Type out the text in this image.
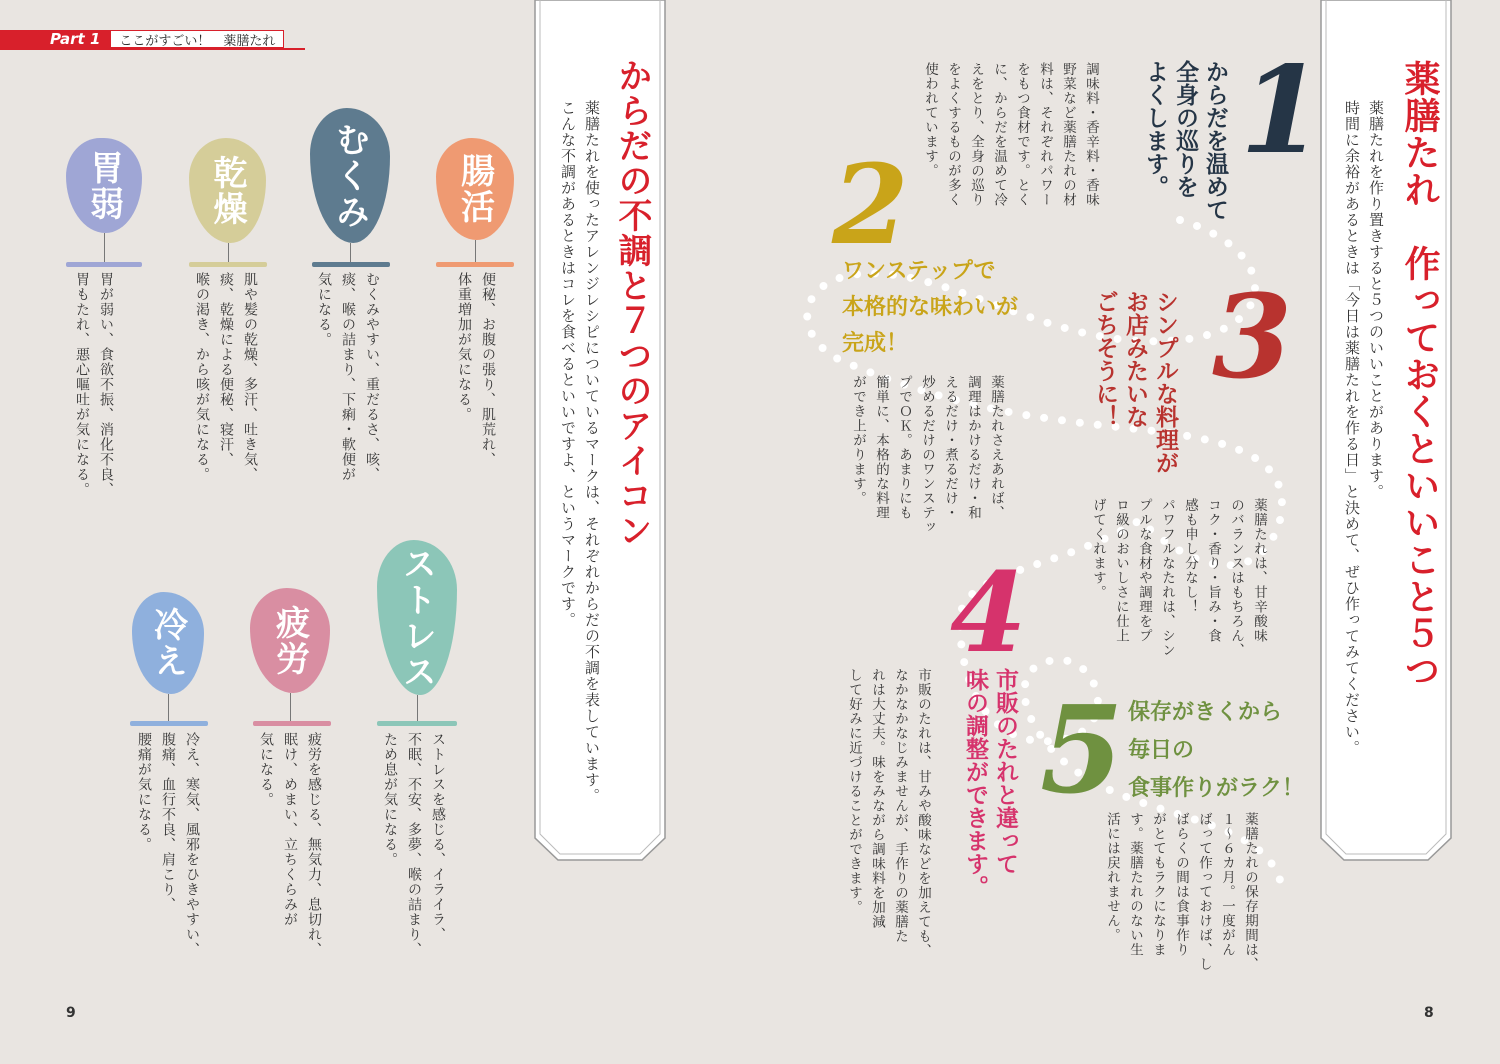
Part 1	ここがすごい！　薬膳たれ
胃弱
胃が弱い、食欲不振、消化不良、
胃もたれ、悪心嘔吐が気になる。
乾燥
肌や髪の乾燥、多汗、吐き気、
痰、乾燥による便秘、寝汗、
喉の渇き、から咳が気になる。
むくみ
むくみやすい、重だるさ、咳、
痰、喉の詰まり、下痢・軟便が
気になる。
腸活
便秘、お腹の張り、肌荒れ、
体重増加が気になる。
冷え
冷え、寒気、風邪をひきやすい、
腹痛、血行不良、肩こり、
腰痛が気になる。
疲労
疲労を感じる、無気力、息切れ、
眠け、めまい、立ちくらみが
気になる。
ストレス
ストレスを感じる、イライラ、
不眠、不安、多夢、喉の詰まり、
ため息が気になる。
からだの不調と７つのアイコン
薬膳たれを使ったアレンジレシピについているマークは、それぞれからだの不調を表しています。
こんな不調があるときはコレを食べるといいですよ、というマークです。	薬膳たれ　作っておくといいこと５つ
薬膳たれを作り置きすると５つのいいことがあります。
時間に余裕があるときは「今日は薬膳たれを作る日」と決めて、ぜひ作ってみてください。
1
からだを温めて
全身の巡りを
よくします。
調味料・香辛料・香味
野菜など薬膳たれの材
料は、それぞれパワー
をもつ食材です。とく
に、からだを温めて冷
えをとり、全身の巡り
をよくするものが多く
使われています。
2
ワンステップで
本格的な味わいが
完成！
薬膳たれさえあれば、
調理はかけるだけ・和
えるだけ・煮るだけ・
炒めるだけのワンステッ
プでＯＫ。あまりにも
簡単に、本格的な料理
ができ上がります。
3
シンプルな料理が
お店みたいな
ごちそうに！
薬膳たれは、甘辛酸味
のバランスはもちろん、
コク・香り・旨み・食
感も申し分なし！
パワフルなたれは、シン
プルな食材や調理をプ
ロ級のおいしさに仕上
げてくれます。
4
市販のたれと違って
味の調整ができます。
市販のたれは、甘みや酸味などを加えても、
なかなかなじみませんが、手作りの薬膳た
れは大丈夫。味をみながら調味料を加減
して好みに近づけることができます。	5 保存がきくから
毎日の
食事作りがラク！
薬膳たれの保存期間は、
１〜６カ月。一度がん
ばって作っておけば、し
ばらくの間は食事作り
がとてもラクになりま
す。薬膳たれのない生
活には戻れません。
9	8
